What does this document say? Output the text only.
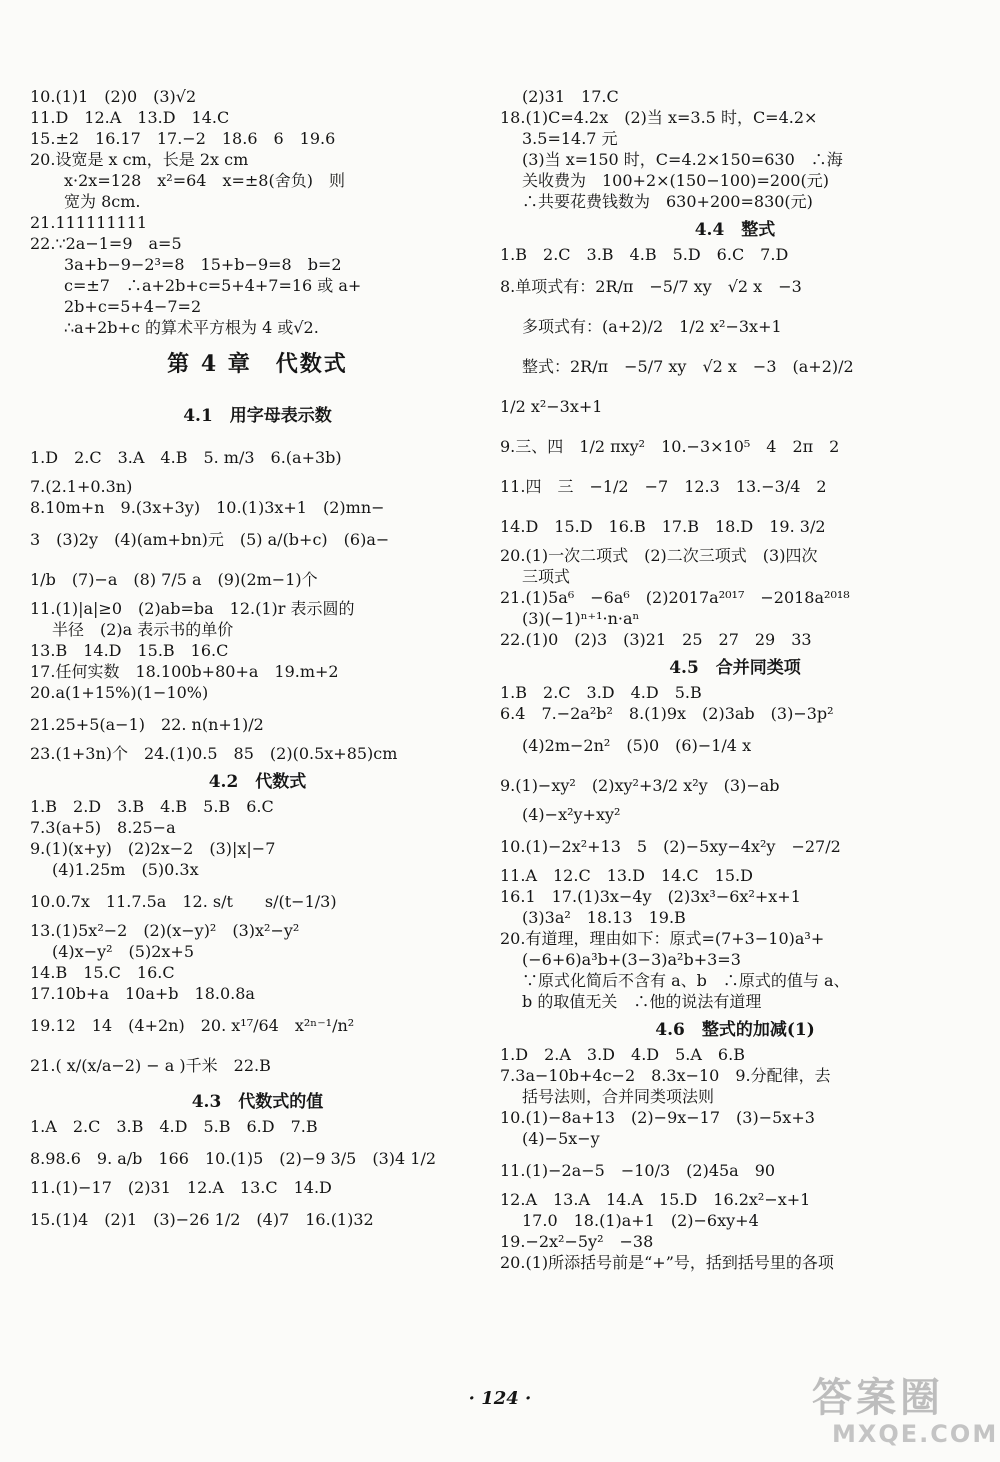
10.(1)1　(2)0　(3)√2
11.D　12.A　13.D　14.C
15.±2　16.17　17.−2　18.6　6　19.6
20.设宽是 x cm，长是 2x cm
x·2x=128　x²=64　x=±8(舍负)　则
宽为 8cm.
21.111111111
22.∵2a−1=9　a=5
3a+b−9−2³=8　15+b−9=8　b=2
c=±7　∴a+2b+c=5+4+7=16 或 a+
2b+c=5+4−7=2
∴a+2b+c 的算术平方根为 4 或√2.
第 4 章　代数式
4.1　用字母表示数
1.D　2.C　3.A　4.B　5. m/3　6.(a+3b)
7.(2.1+0.3n)
8.10m+n　9.(3x+3y)　10.(1)3x+1　(2)mn−
3　(3)2y　(4)(am+bn)元　(5) a/(b+c)　(6)a−
1/b　(7)−a　(8) 7/5 a　(9)(2m−1)个
11.(1)|a|≥0　(2)ab=ba　12.(1)r 表示圆的
半径　(2)a 表示书的单价
13.B　14.D　15.B　16.C
17.任何实数　18.100b+80+a　19.m+2
20.a(1+15%)(1−10%)
21.25+5(a−1)　22. n(n+1)/2
23.(1+3n)个　24.(1)0.5　85　(2)(0.5x+85)cm
4.2　代数式
1.B　2.D　3.B　4.B　5.B　6.C
7.3(a+5)　8.25−a
9.(1)(x+y)　(2)2x−2　(3)|x|−7
(4)1.25m　(5)0.3x
10.0.7x　11.7.5a　12. s/t　　s/(t−1/3)
13.(1)5x²−2　(2)(x−y)²　(3)x²−y²
(4)x−y²　(5)2x+5
14.B　15.C　16.C
17.10b+a　10a+b　18.0.8a
19.12　14　(4+2n)　20. x¹⁷/64　x²ⁿ⁻¹/n²
21.( x/(x/a−2) − a )千米　22.B
4.3　代数式的值
1.A　2.C　3.B　4.D　5.B　6.D　7.B
8.98.6　9. a/b　166　10.(1)5　(2)−9 3/5　(3)4 1/2
11.(1)−17　(2)31　12.A　13.C　14.D
15.(1)4　(2)1　(3)−26 1/2　(4)7　16.(1)32
(2)31　17.C
18.(1)C=4.2x　(2)当 x=3.5 时，C=4.2×
3.5=14.7 元
(3)当 x=150 时，C=4.2×150=630　∴海
关收费为　100+2×(150−100)=200(元)
∴共要花费钱数为　630+200=830(元)
4.4　整式
1.B　2.C　3.B　4.B　5.D　6.C　7.D
8.单项式有：2R/π　−5/7 xy　√2 x　−3
多项式有：(a+2)/2　1/2 x²−3x+1
整式：2R/π　−5/7 xy　√2 x　−3　(a+2)/2
1/2 x²−3x+1
9.三、四　1/2 πxy²　10.−3×10⁵　4　2π　2
11.四　三　−1/2　−7　12.3　13.−3/4　2
14.D　15.D　16.B　17.B　18.D　19. 3/2
20.(1)一次二项式　(2)二次三项式　(3)四次
三项式
21.(1)5a⁶　−6a⁶　(2)2017a²⁰¹⁷　−2018a²⁰¹⁸
(3)(−1)ⁿ⁺¹·n·aⁿ
22.(1)0　(2)3　(3)21　25　27　29　33
4.5　合并同类项
1.B　2.C　3.D　4.D　5.B
6.4　7.−2a²b²　8.(1)9x　(2)3ab　(3)−3p²
(4)2m−2n²　(5)0　(6)−1/4 x
9.(1)−xy²　(2)xy²+3/2 x²y　(3)−ab
(4)−x²y+xy²
10.(1)−2x²+13　5　(2)−5xy−4x²y　−27/2
11.A　12.C　13.D　14.C　15.D
16.1　17.(1)3x−4y　(2)3x³−6x²+x+1
(3)3a²　18.13　19.B
20.有道理，理由如下：原式=(7+3−10)a³+
(−6+6)a³b+(3−3)a²b+3=3
∵原式化简后不含有 a、b　∴原式的值与 a、
b 的取值无关　∴他的说法有道理
4.6　整式的加减(1)
1.D　2.A　3.D　4.D　5.A　6.B
7.3a−10b+4c−2　8.3x−10　9.分配律，去
括号法则，合并同类项法则
10.(1)−8a+13　(2)−9x−17　(3)−5x+3
(4)−5x−y
11.(1)−2a−5　−10/3　(2)45a　90
12.A　13.A　14.A　15.D　16.2x²−x+1
17.0　18.(1)a+1　(2)−6xy+4
19.−2x²−5y²　−38
20.(1)所添括号前是“+”号，括到括号里的各项
· 124 ·	答案圈
MXQE.COM
